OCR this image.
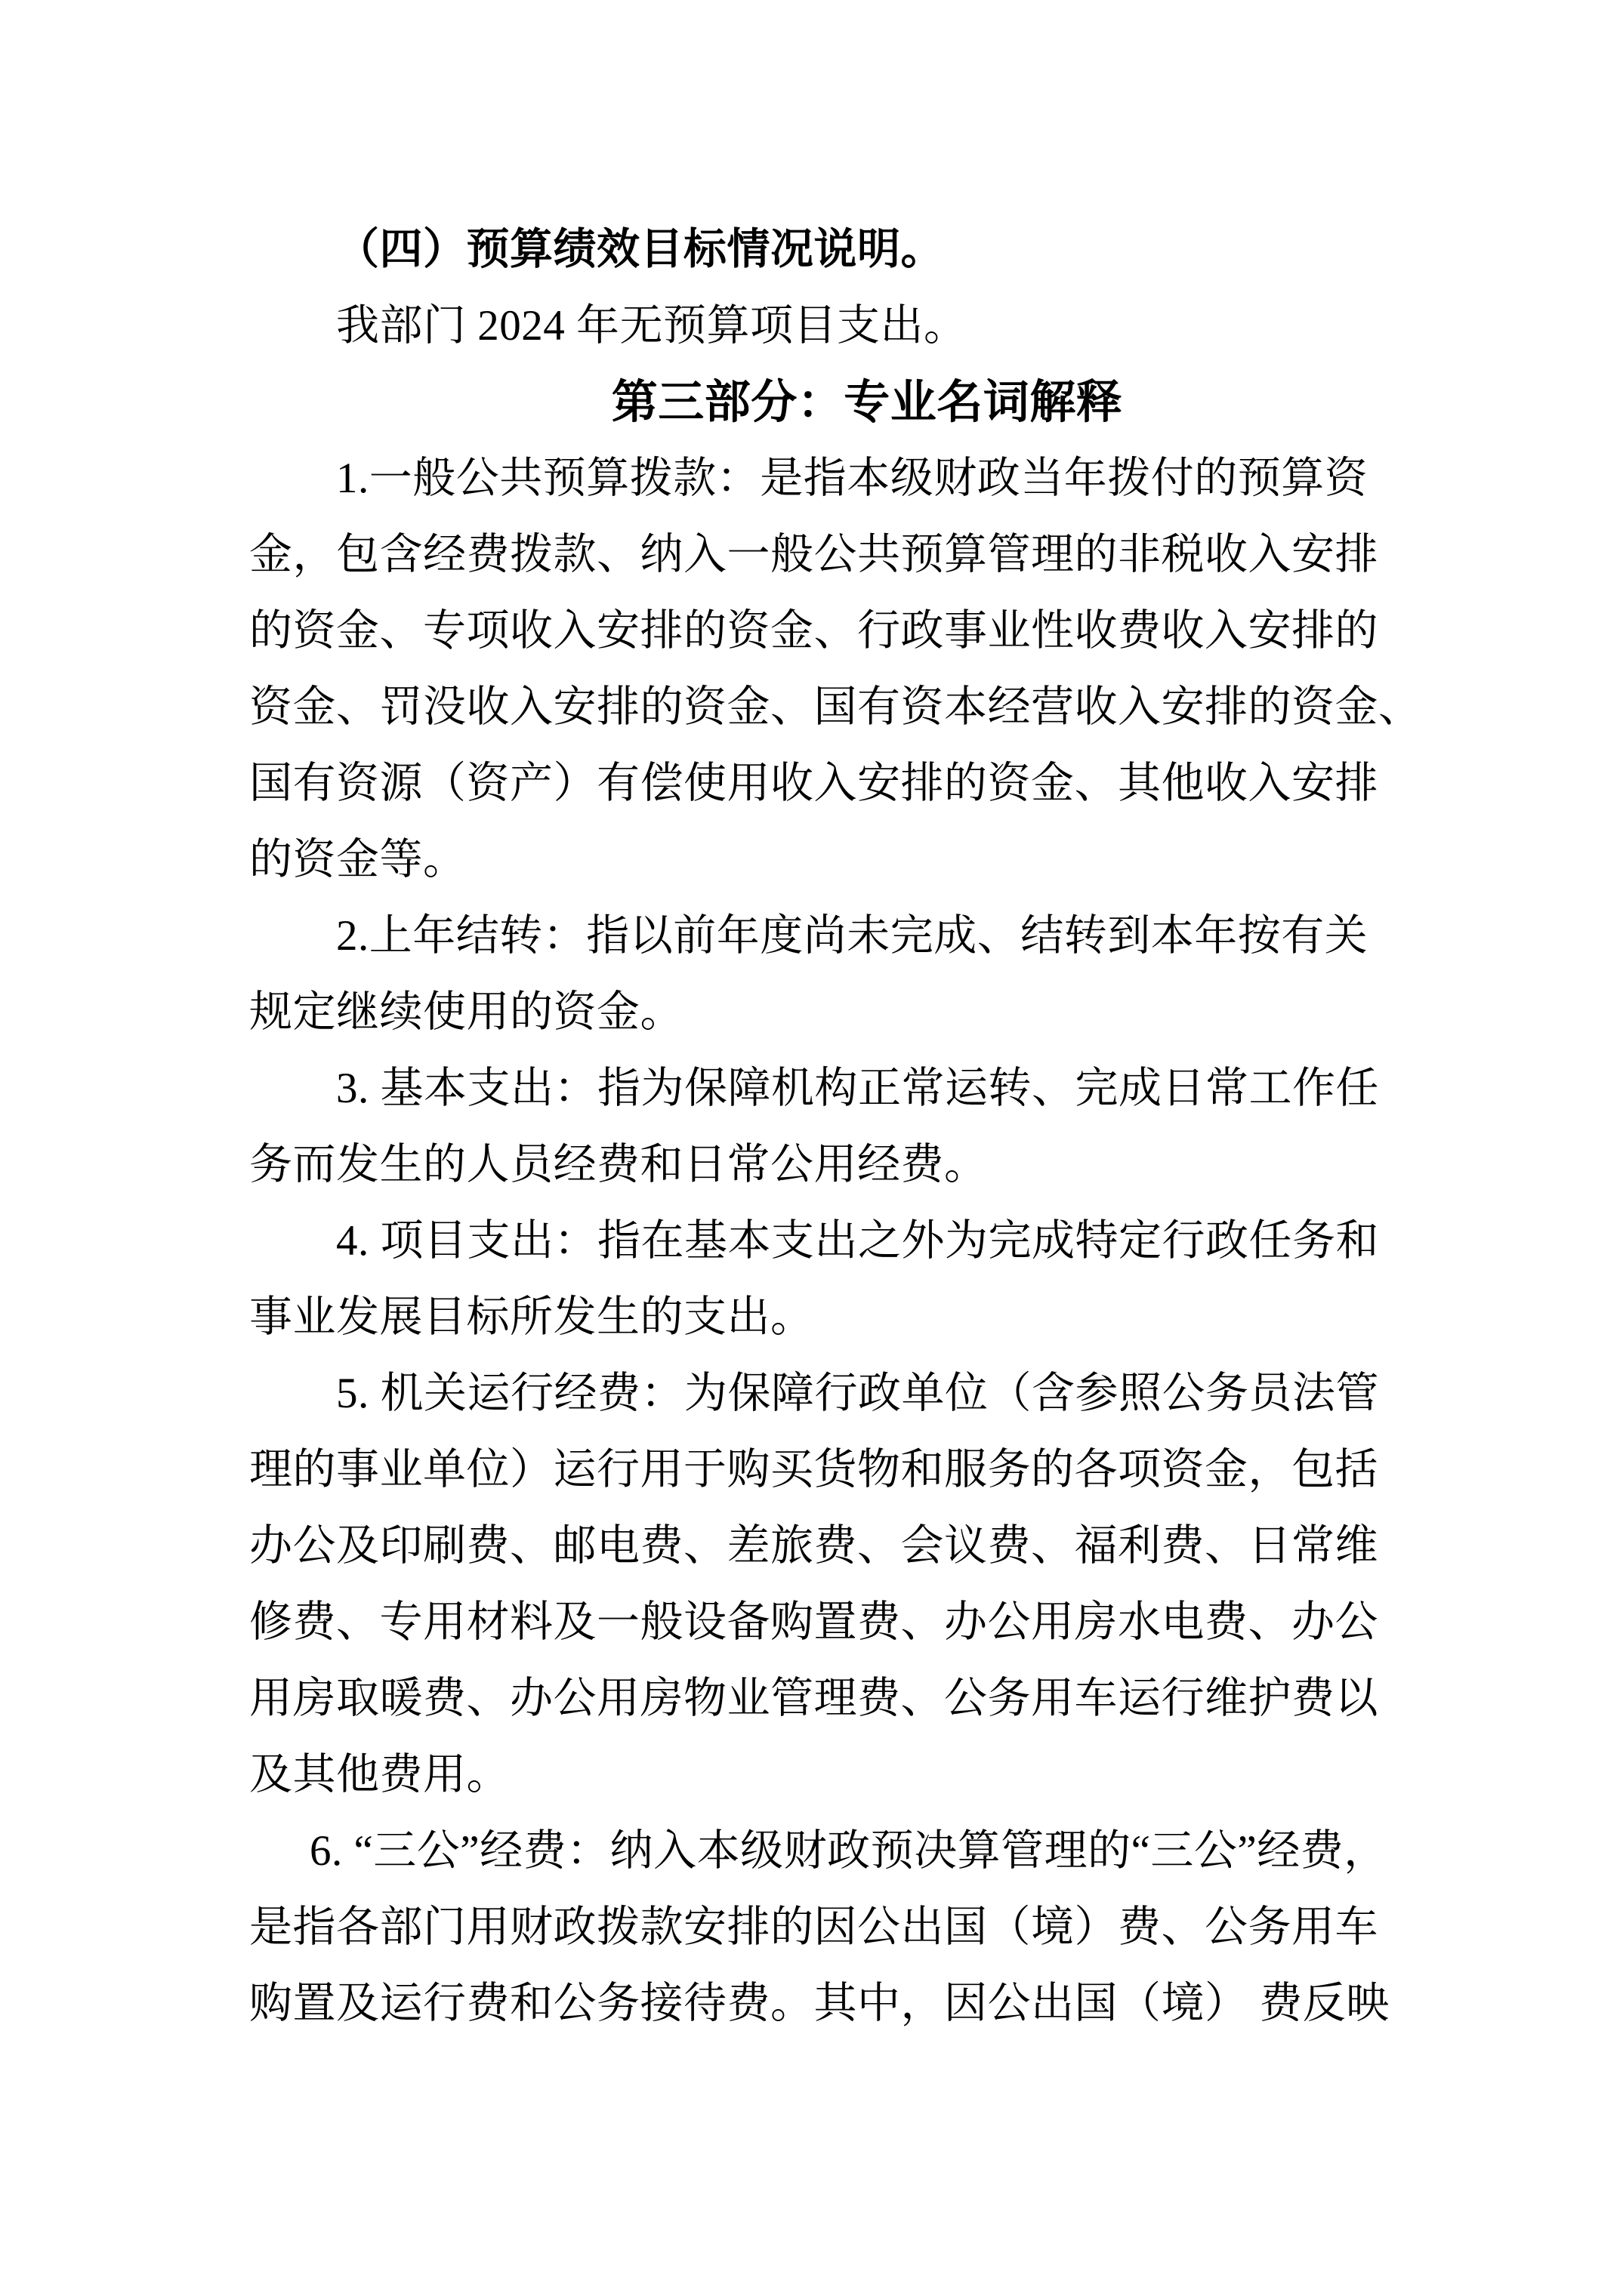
（四）预算绩效目标情况说明。
我部门 2024 年无预算项目支出。
第三部分：专业名词解释
1.一般公共预算拨款：是指本级财政当年拨付的预算资
金，包含经费拨款、纳入一般公共预算管理的非税收入安排
的资金、专项收入安排的资金、行政事业性收费收入安排的
资金、罚没收入安排的资金、国有资本经营收入安排的资金、
国有资源（资产）有偿使用收入安排的资金、其他收入安排
的资金等。
2.上年结转：指以前年度尚未完成、结转到本年按有关
规定继续使用的资金。
3. 基本支出：指为保障机构正常运转、完成日常工作任
务而发生的人员经费和日常公用经费。
4. 项目支出：指在基本支出之外为完成特定行政任务和
事业发展目标所发生的支出。
5. 机关运行经费：为保障行政单位（含参照公务员法管
理的事业单位）运行用于购买货物和服务的各项资金，包括
办公及印刷费、邮电费、差旅费、会议费、福利费、日常维
修费、专用材料及一般设备购置费、办公用房水电费、办公
用房取暖费、办公用房物业管理费、公务用车运行维护费以
及其他费用。
6. “三公”经费：纳入本级财政预决算管理的“三公”经费，
是指各部门用财政拨款安排的因公出国（境）费、公务用车
购置及运行费和公务接待费。其中，因公出国（境） 费反映
